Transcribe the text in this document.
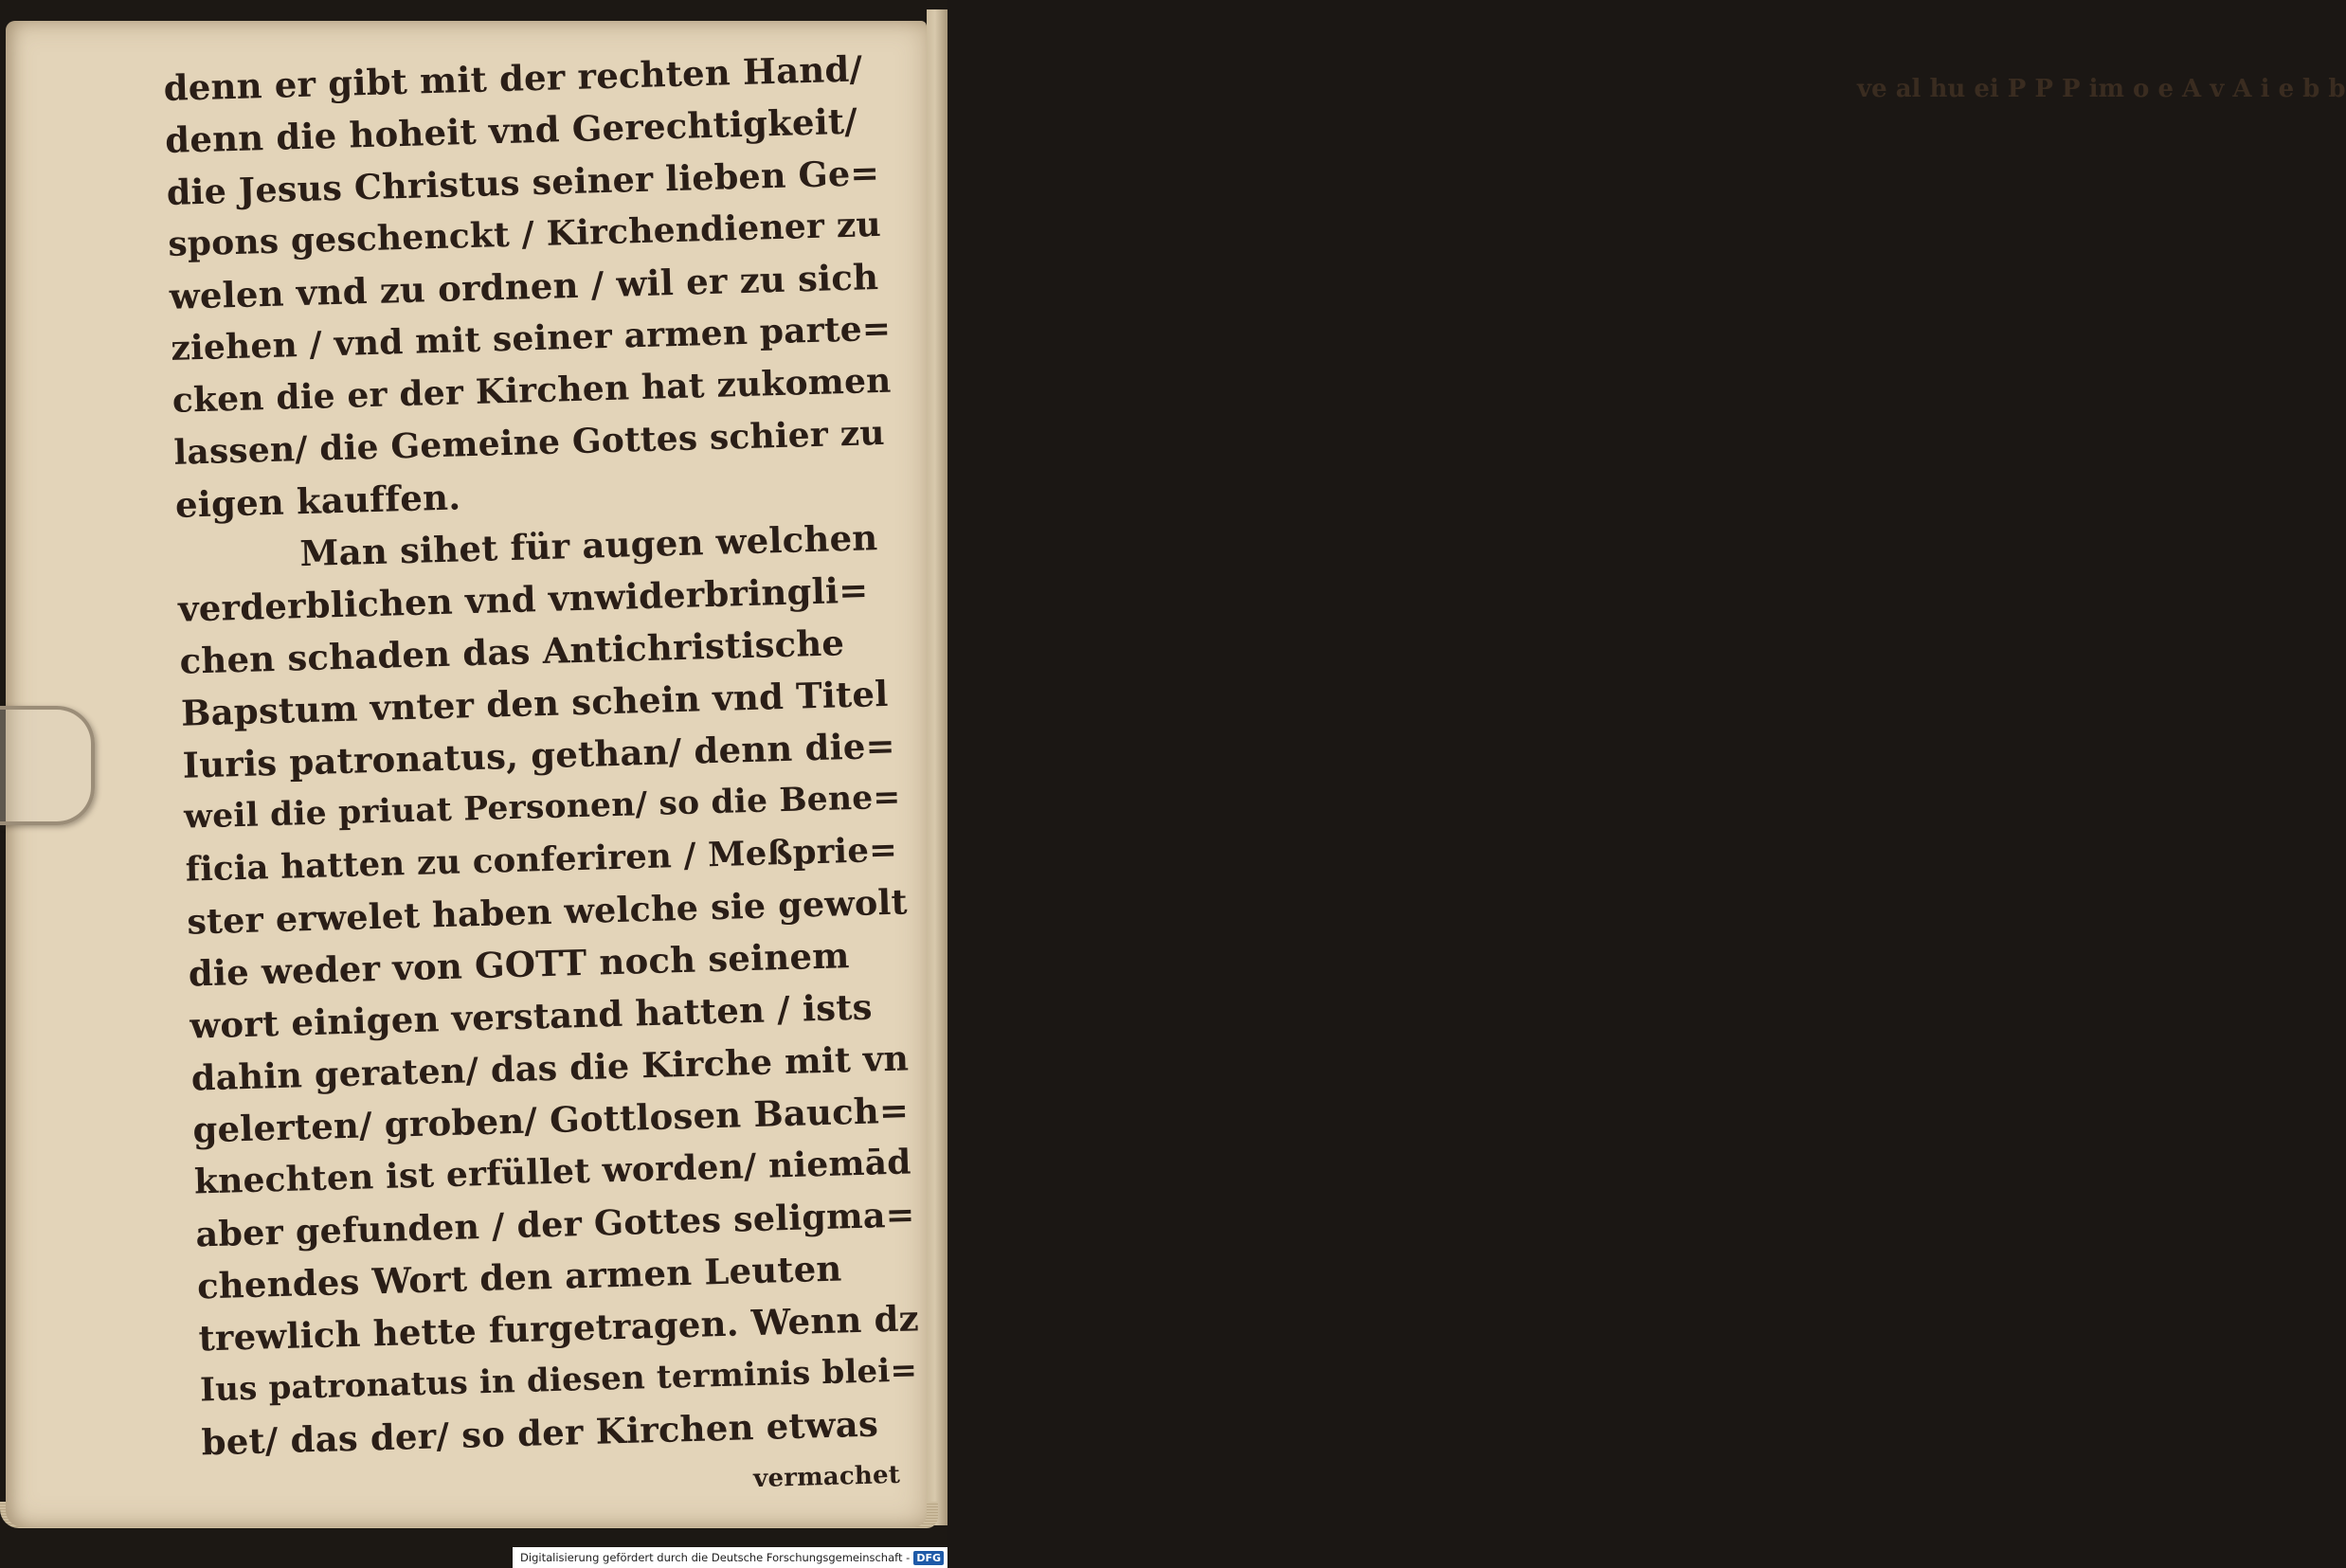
ve al hu ei P P P im o e A v A i e b b
denn er gibt mit der rechten Hand/
denn die hoheit vnd Gerechtigkeit/
die Jesus Christus seiner lieben Ge=
spons geschenckt / Kirchendiener zu
welen vnd zu ordnen / wil er zu sich
ziehen / vnd mit seiner armen parte=
cken die er der Kirchen hat zukomen
lassen/ die Gemeine Gottes schier zu
eigen kauffen.
Man sihet für augen welchen
verderblichen vnd vnwiderbringli=
chen schaden das Antichristische
Bapstum vnter den schein vnd Titel
Iuris patronatus, gethan/ denn die=
weil die priuat Personen/ so die Bene=
ficia hatten zu conferiren / Meßprie=
ster erwelet haben welche sie gewolt
die weder von GOTT noch seinem
wort einigen verstand hatten / ists
dahin geraten/ das die Kirche mit vn
gelerten/ groben/ Gottlosen Bauch=
knechten ist erfüllet worden/ niemād
aber gefunden / der Gottes seligma=
chendes Wort den armen Leuten
trewlich hette furgetragen. Wenn dz
Ius patronatus in diesen terminis blei=
bet/ das der/ so der Kirchen etwas
vermachet
Digitalisierung gefördert durch die Deutsche Forschungsgemeinschaft - DFG
